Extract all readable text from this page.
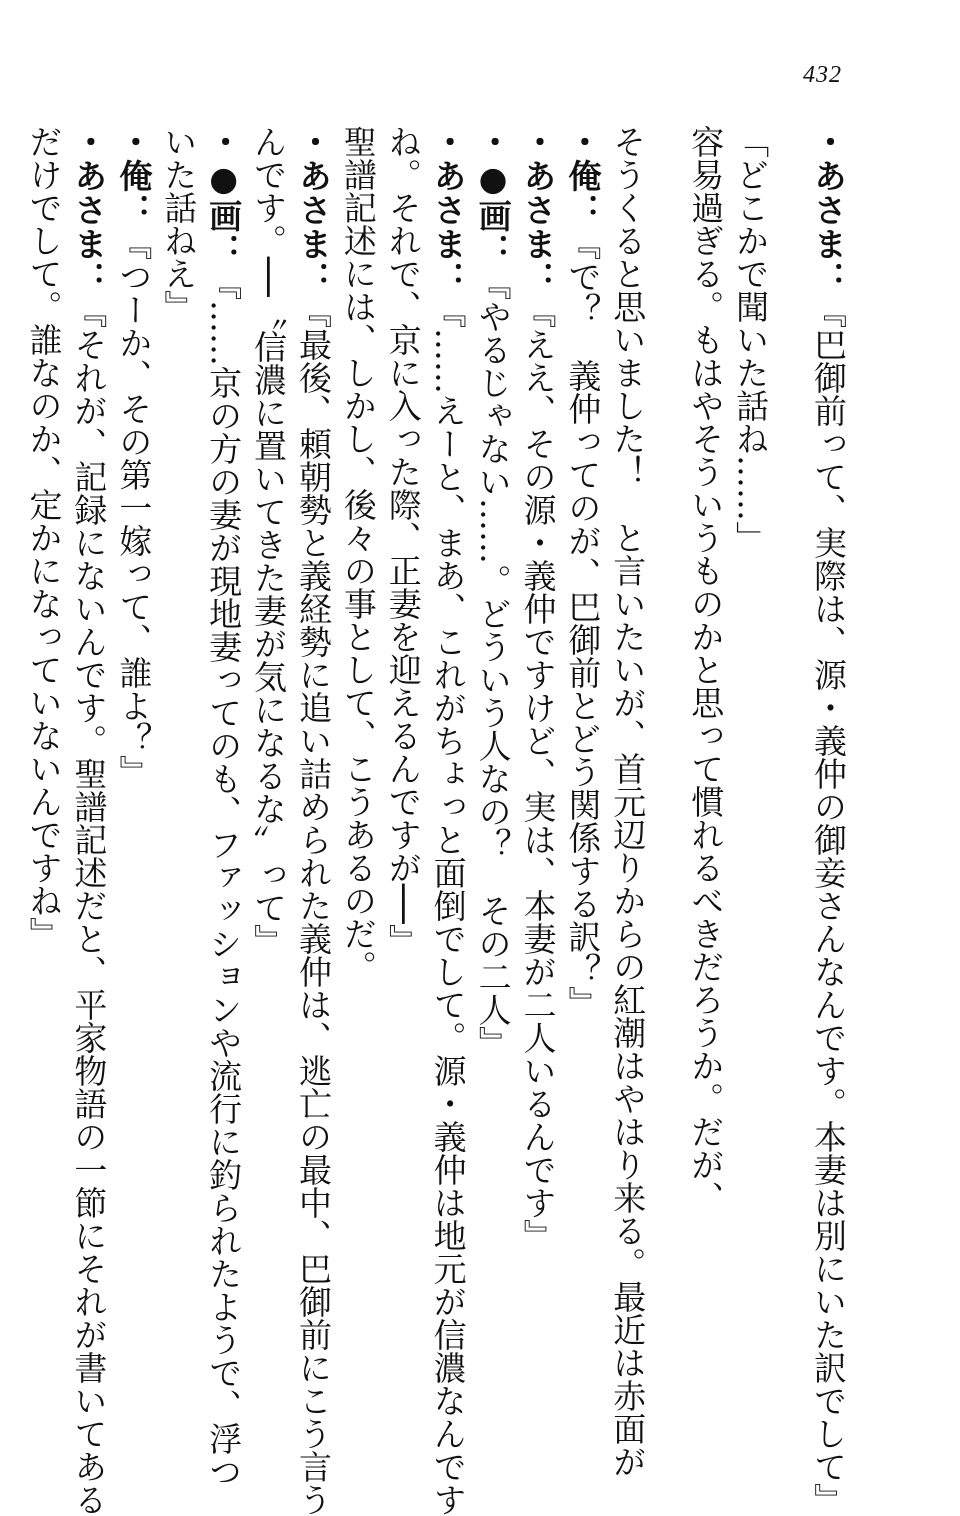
432
・あさま：『巴御前って、実際は、源・義仲の御妾さんなんです。本妻は別にいた訳でして』
「どこかで聞いた話ね……」
容易過ぎる。もはやそういうものかと思って慣れるべきだろうか。だが、
そうくると思いました！　と言いたいが、首元辺りからの紅潮はやはり来る。最近は赤面が
・俺：『で？　義仲ってのが、巴御前とどう関係する訳？』
・あさま：『ええ、その源・義仲ですけど、実は、本妻が二人いるんです』
・●画：『やるじゃない……。どういう人なの？　その二人』
・あさま：『……えーと、まあ、これがちょっと面倒でして。源・義仲は地元が信濃なんです
ね。それで、京に入った際、正妻を迎えるんですが──』
聖譜記述には、しかし、後々の事として、こうあるのだ。
・あさま：『最後、頼朝勢と義経勢に追い詰められた義仲は、逃亡の最中、巴御前にこう言う
んです。──〝信濃に置いてきた妻が気になるな〟って』
・●画：『……京の方の妻が現地妻ってのも、ファッションや流行に釣られたようで、浮つ
いた話ねえ』
・俺：『つーか、その第一嫁って、誰よ？』
・あさま：『それが、記録にないんです。聖譜記述だと、平家物語の一節にそれが書いてある
だけでして。誰なのか、定かになっていないんですね』
